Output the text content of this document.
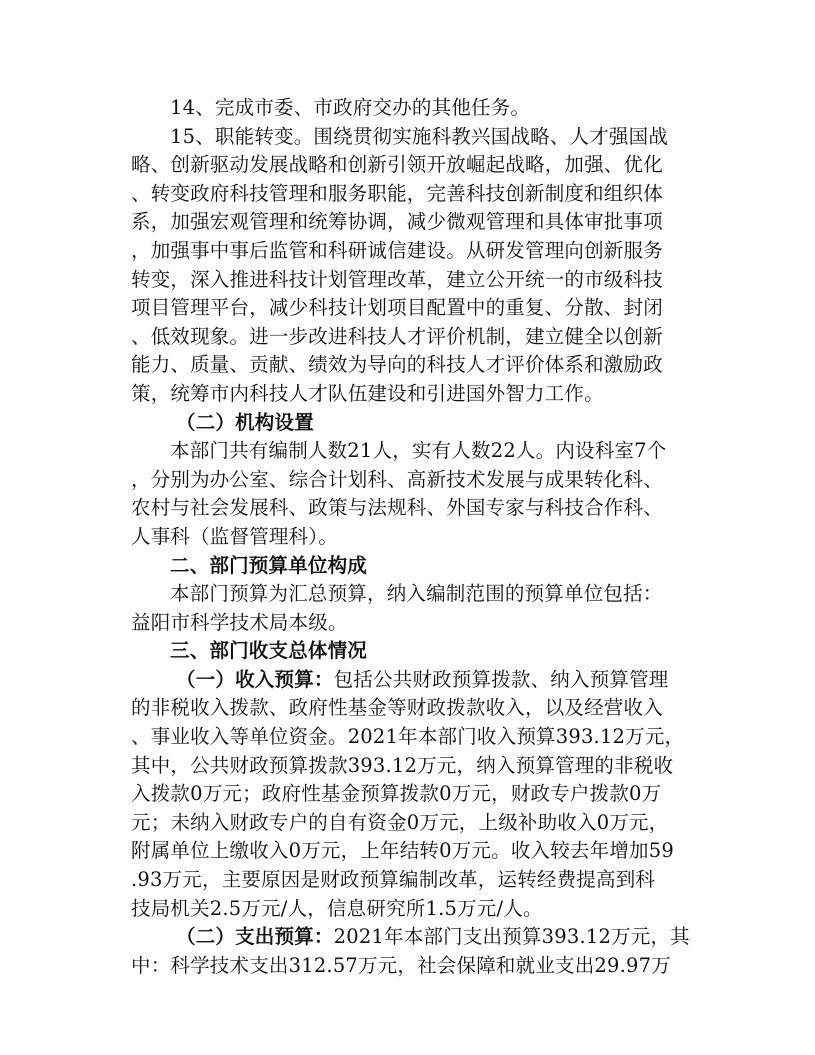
14、完成市委、市政府交办的其他任务。
15、职能转变。围绕贯彻实施科教兴国战略、人才强国战
略、创新驱动发展战略和创新引领开放崛起战略，加强、优化
、转变政府科技管理和服务职能，完善科技创新制度和组织体
系，加强宏观管理和统筹协调，减少微观管理和具体审批事项
，加强事中事后监管和科研诚信建设。从研发管理向创新服务
转变，深入推进科技计划管理改革，建立公开统一的市级科技
项目管理平台，减少科技计划项目配置中的重复、分散、封闭
、低效现象。进一步改进科技人才评价机制，建立健全以创新
能力、质量、贡献、绩效为导向的科技人才评价体系和激励政
策，统筹市内科技人才队伍建设和引进国外智力工作。
（二）机构设置
本部门共有编制人数21人，实有人数22人。内设科室7个
，分别为办公室、综合计划科、高新技术发展与成果转化科、
农村与社会发展科、政策与法规科、外国专家与科技合作科、
人事科（监督管理科）。
二、部门预算单位构成
本部门预算为汇总预算，纳入编制范围的预算单位包括：
益阳市科学技术局本级。
三、部门收支总体情况
（一）收入预算：包括公共财政预算拨款、纳入预算管理
的非税收入拨款、政府性基金等财政拨款收入，以及经营收入
、事业收入等单位资金。2021年本部门收入预算393.12万元，
其中，公共财政预算拨款393.12万元，纳入预算管理的非税收
入拨款0万元；政府性基金预算拨款0万元，财政专户拨款0万
元；未纳入财政专户的自有资金0万元，上级补助收入0万元，
附属单位上缴收入0万元，上年结转0万元。收入较去年增加59
.93万元，主要原因是财政预算编制改革，运转经费提高到科
技局机关2.5万元/人，信息研究所1.5万元/人。
（二）支出预算：2021年本部门支出预算393.12万元，其
中：科学技术支出312.57万元，社会保障和就业支出29.97万
